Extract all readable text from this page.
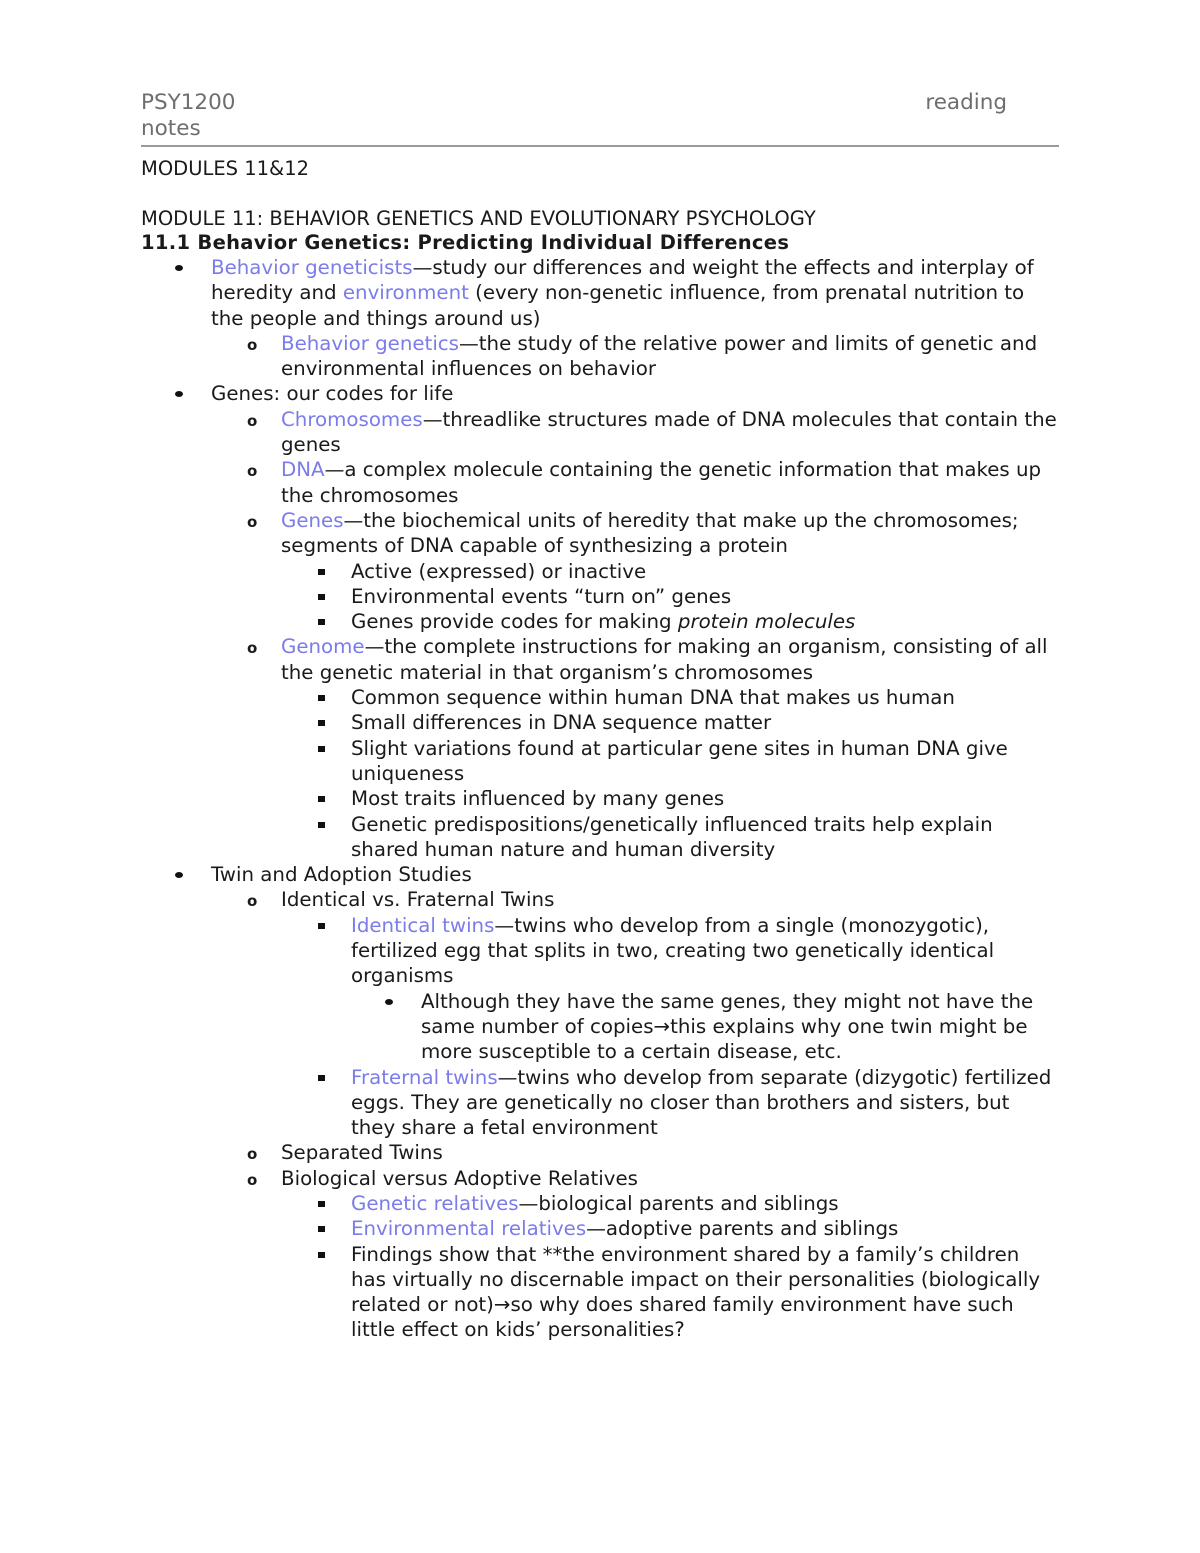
PSY1200	reading
notes
MODULES 11&12
MODULE 11: BEHAVIOR GENETICS AND EVOLUTIONARY PSYCHOLOGY
11.1 Behavior Genetics: Predicting Individual Differences
Behavior geneticists—study our differences and weight the effects and interplay of heredity and environment (every non-genetic influence, from prenatal nutrition to the people and things around us)
o Behavior genetics—the study of the relative power and limits of genetic and environmental influences on behavior
Genes: our codes for life
o Chromosomes—threadlike structures made of DNA molecules that contain the genes
o DNA—a complex molecule containing the genetic information that makes up the chromosomes
o Genes—the biochemical units of heredity that make up the chromosomes; segments of DNA capable of synthesizing a protein
Active (expressed) or inactive
Environmental events “turn on” genes
Genes provide codes for making protein molecules
o Genome—the complete instructions for making an organism, consisting of all the genetic material in that organism’s chromosomes
Common sequence within human DNA that makes us human
Small differences in DNA sequence matter
Slight variations found at particular gene sites in human DNA give uniqueness
Most traits influenced by many genes
Genetic predispositions/genetically influenced traits help explain shared human nature and human diversity
Twin and Adoption Studies
o Identical vs. Fraternal Twins
Identical twins—twins who develop from a single (monozygotic), fertilized egg that splits in two, creating two genetically identical organisms
Although they have the same genes, they might not have the same number of copies→this explains why one twin might be more susceptible to a certain disease, etc.
Fraternal twins—twins who develop from separate (dizygotic) fertilized eggs. They are genetically no closer than brothers and sisters, but they share a fetal environment
o Separated Twins
o Biological versus Adoptive Relatives
Genetic relatives—biological parents and siblings
Environmental relatives—adoptive parents and siblings
Findings show that **the environment shared by a family’s children has virtually no discernable impact on their personalities (biologically related or not)→so why does shared family environment have such little effect on kids’ personalities?
